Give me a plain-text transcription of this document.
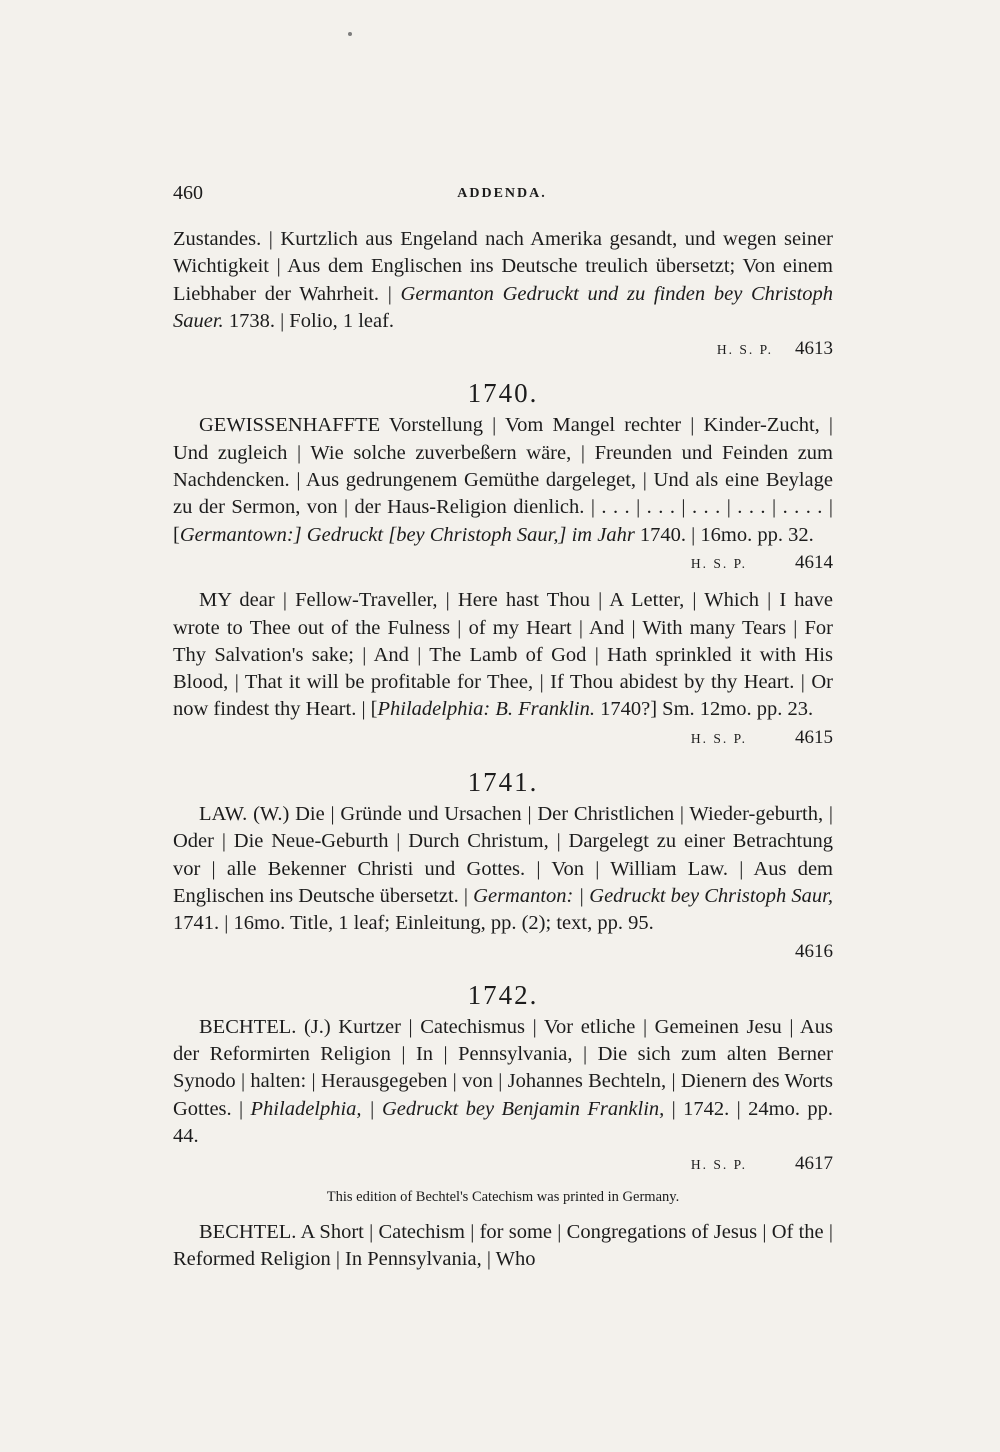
460	ADDENDA.

Zustandes. | Kurtzlich aus Engeland nach Amerika gesandt, und wegen seiner Wichtigkeit | Aus dem Englischen ins Deutsche treulich übersetzt; Von einem Liebhaber der Wahrheit. | Germanton Gedruckt und zu finden bey Christoph Sauer. 1738. | Folio, 1 leaf.

H. S. P. 4613
1740.

GEWISSENHAFFTE Vorstellung | Vom Mangel rechter | Kinder-Zucht, | Und zugleich | Wie solche zuverbeßern wäre, | Freunden und Feinden zum Nachdencken. | Aus gedrungenem Gemüthe dargeleget, | Und als eine Beylage zu der Sermon, von | der Haus-Religion dienlich. | . . . | . . . | . . . | . . . | . . . . | [Germantown:] Gedruckt [bey Christoph Saur,] im Jahr 1740. | 16mo. pp. 32.

H. S. P.	4614

MY dear | Fellow-Traveller, | Here hast Thou | A Letter, | Which | I have wrote to Thee out of the Fulness | of my Heart | And | With many Tears | For Thy Salvation's sake; | And | The Lamb of God | Hath sprinkled it with His Blood, | That it will be profitable for Thee, | If Thou abidest by thy Heart. | Or now findest thy Heart. | [Philadelphia: B. Franklin. 1740?] Sm. 12mo. pp. 23.

H. S. P.	4615
1741.

LAW. (W.) Die | Gründe und Ursachen | Der Christlichen | Wieder-geburth, | Oder | Die Neue-Geburth | Durch Christum, | Dargelegt zu einer Betrachtung vor | alle Bekenner Christi und Gottes. | Von | William Law. | Aus dem Englischen ins Deutsche übersetzt. | Germanton: | Gedruckt bey Christoph Saur, 1741. | 16mo. Title, 1 leaf; Einleitung, pp. (2); text, pp. 95.

4616
1742.

BECHTEL. (J.) Kurtzer | Catechismus | Vor etliche | Gemeinen Jesu | Aus der Reformirten Religion | In | Pennsylvania, | Die sich zum alten Berner Synodo | halten: | Herausgegeben | von | Johannes Bechteln, | Dienern des Worts Gottes. | Philadelphia, | Gedruckt bey Benjamin Franklin, | 1742. | 24mo. pp. 44.

H. S. P.	4617
This edition of Bechtel's Catechism was printed in Germany.

BECHTEL. A Short | Catechism | for some | Congregations of Jesus | Of the | Reformed Religion | In Pennsylvania, | Who
